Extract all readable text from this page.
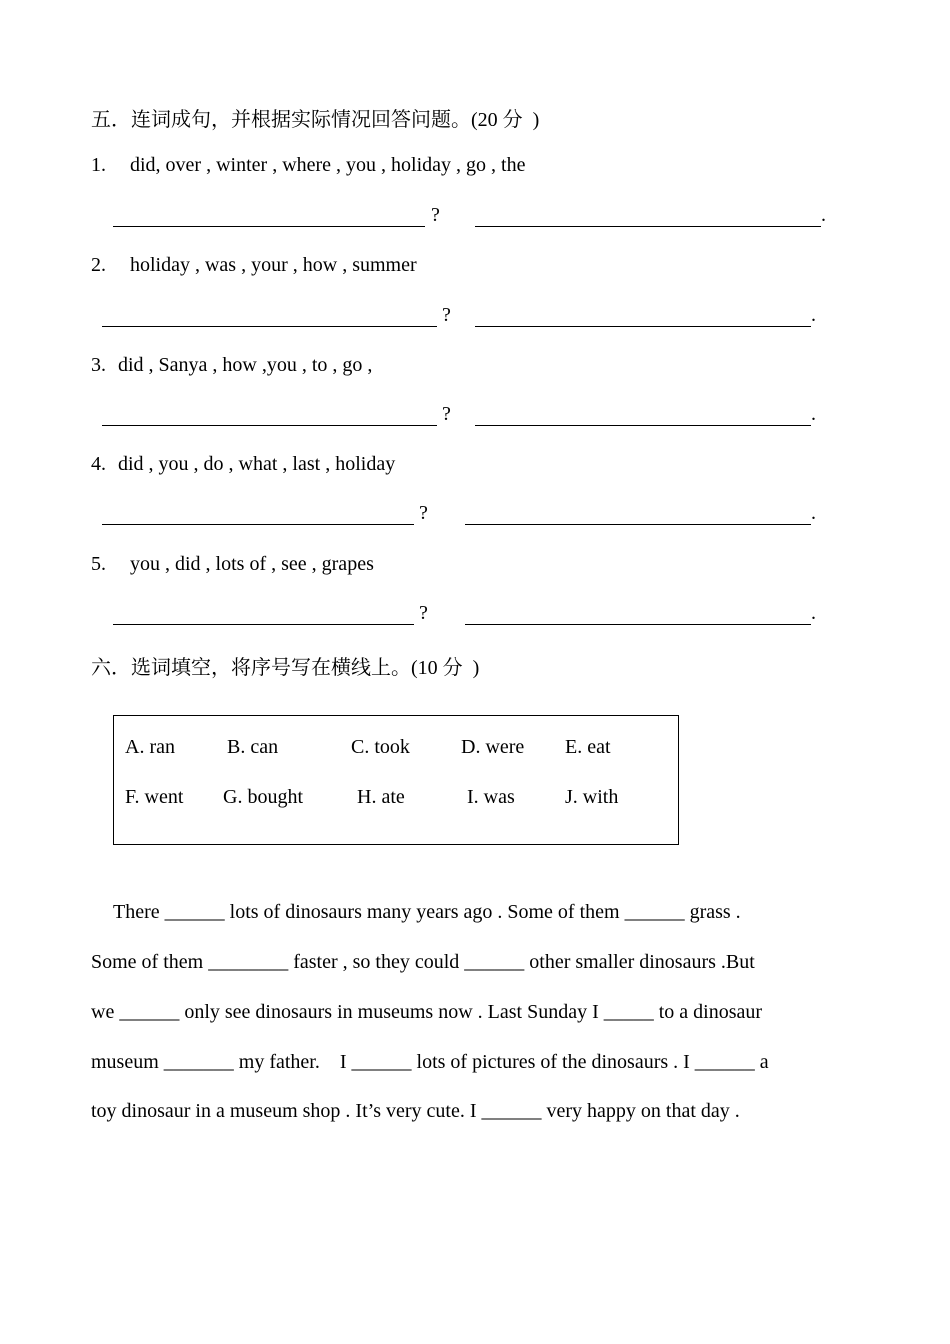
五．连词成句，并根据实际情况回答问题。(20 分  )
1. did, over , winter , where , you , holiday , go , the
?	.
2. holiday , was , your , how , summer
?	.
3. did , Sanya , how ,you , to , go ,
?	.
4. did , you , do , what , last , holiday
?	.
5. you , did , lots of , see , grapes
?	.
六．选词填空，将序号写在横线上。(10 分  )
A. ran	B. can	C. took	D. were E. eat
F. went G. bought	H. ate	I. was	J. with
There ______ lots of dinosaurs many years ago . Some of them ______ grass .
Some of them ________ faster , so they could ______ other smaller dinosaurs .But
we ______ only see dinosaurs in museums now . Last Sunday I _____ to a dinosaur
museum _______ my father.    I ______ lots of pictures of the dinosaurs . I ______ a
toy dinosaur in a museum shop . It’s very cute. I ______ very happy on that day .
